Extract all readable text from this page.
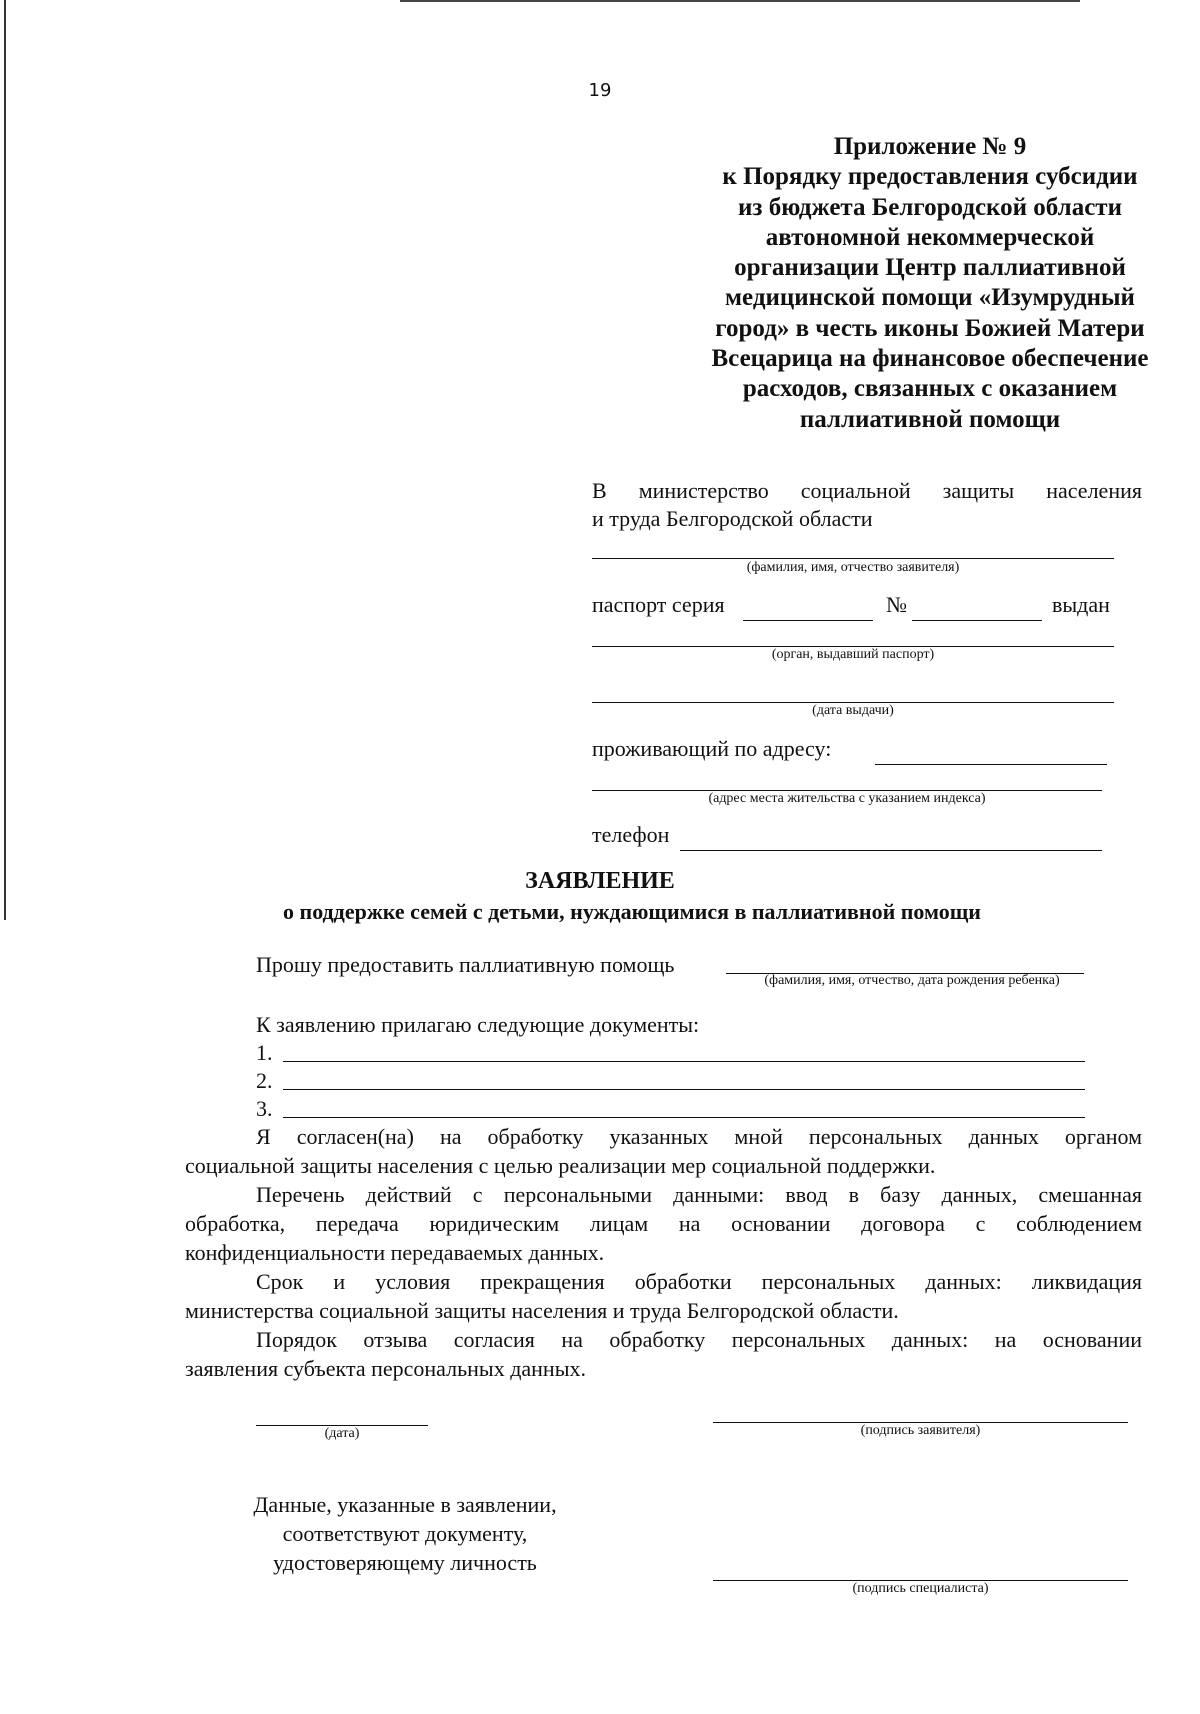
19
Приложение № 9
к Порядку предоставления субсидии
из бюджета Белгородской области
автономной некоммерческой
организации Центр паллиативной
медицинской помощи «Изумрудный
город» в честь иконы Божией Матери
Всецарица на финансовое обеспечение
расходов, связанных с оказанием
паллиативной помощи
В министерство социальной защиты населения
и труда Белгородской области
(фамилия, имя, отчество заявителя)
паспорт серия	№	выдан
(орган, выдавший паспорт)
(дата выдачи)
проживающий по адресу:
(адрес места жительства с указанием индекса)
телефон
ЗАЯВЛЕНИЕ
о поддержке семей с детьми, нуждающимися в паллиативной помощи
Прошу предоставить паллиативную помощь
(фамилия, имя, отчество, дата рождения ребенка)
К заявлению прилагаю следующие документы:
1.
2.
3.
Я согласен(на) на обработку указанных мной персональных данных органом
социальной защиты населения с целью реализации мер социальной поддержки.
Перечень действий с персональными данными: ввод в базу данных, смешанная
обработка, передача юридическим лицам на основании договора с соблюдением
конфиденциальности передаваемых данных.
Срок и условия прекращения обработки персональных данных: ликвидация
министерства социальной защиты населения и труда Белгородской области.
Порядок отзыва согласия на обработку персональных данных: на основании
заявления субъекта персональных данных.
(дата)	(подпись заявителя)
Данные, указанные в заявлении,
соответствуют документу,
удостоверяющему личность
(подпись специалиста)
